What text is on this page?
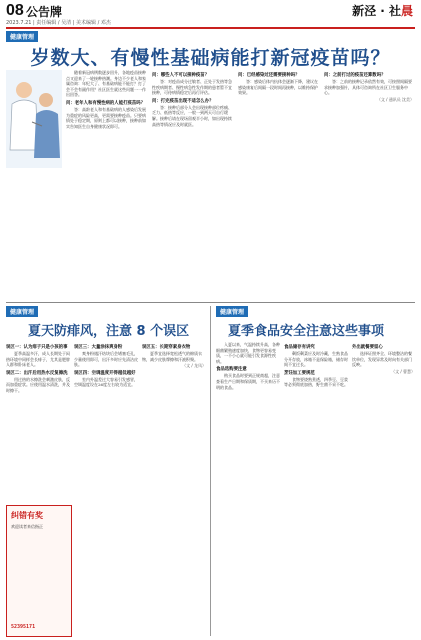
08 公告牌
2023.7.21 | 责任编辑 / 吴清 | 美术编辑 / 邓杰
新泾 · 社晨
健康管理
岁数大、有慢性基础病能打新冠疫苗吗？

随着新冠病例数逐步回升，各地疫苗接种点又迎来了一轮接种热潮。身边不少老人和家属咨询：年纪大了、有基础病能不能打？打了会不会有副作用？社区医生就这些问题一一作出回答。

问：老年人和有慢性病的人能打疫苗吗？

答：高龄老人和有基础病的人感染后发展为重症的风险更高，更需要接种疫苗。只要病情处于稳定期，原则上都可以接种，接种前如实告知医生自身健康状况即可。

问：哪些人不可以接种疫苗？

答：对疫苗成分过敏者、正处于发热等急性疾病期者、慢性病急性发作期的患者暂不宜接种，可待病情稳定后再行评估。

问：打完疫苗出现不适怎么办？

答：接种后部分人会出现接种部位疼痛、乏力、低热等反应，一般一到两天可自行缓解。接种后请在现场留观半小时，如出现持续高热等情况应及时就医。

问：已经感染过还需要接种吗？

答：感染后体内抗体会逐渐下降，建议在感染康复后间隔一段时间再接种，以维持保护效果。

问：之前打过的疫苗还算数吗？

答：之前的接种记录依然有效，可按照间隔要求接种加强针，具体可咨询所在社区卫生服务中心。

（文 / 通讯员 沈美）

健康管理
夏天防痱风，注意 8 个误区
误区一：认为痱子只是小孩的事

夏季高温多汗，成人长期处于闷热环境中同样会长痱子，尤其是肥胖人群和卧床老人。

误区二：出汗后用热水反复擦洗

用过热的水擦洗会刺激皮肤，反而加重症状。应使用温水清洗，并及时擦干。

误区三：大量涂抹爽身粉

爽身粉遇汗结块后会堵塞毛孔，少量使用即可，出汗多时应先清洁皮肤。

误区四：空调温度开得越低越好

室内外温差过大容易引发感冒，空调温度设在26度左右较为适宜。

误区五：长期穿紧身衣物

夏季宜选择宽松透气的棉质衣物，减少皮肤摩擦和汗液积聚。

（文 / 龙凤）

纠错有奖
欢迎读者来信指正
52395171
健康管理
夏季食品安全注意这些事项

入夏以来，气温持续升高，各种细菌繁殖速度加快，食物更容易变质，一不小心就可能引发食源性疾病。

食品选购要注意

购买食品时要到正规商超，注意查看生产日期和保质期，不买来历不明的食品。

食品储存有讲究

剩饭剩菜应及时冷藏，生熟食品分开存放，冰箱不是保险箱，储存时间不宜过长。

烹饪加工要规范

食物要烧熟煮透，四季豆、豆浆等必须彻底加热，野生菌不采不吃。

外出就餐要留心

选择证照齐全、环境整洁的餐饮单位，发现异常及时向有关部门反映。

（文 / 曹慧）
